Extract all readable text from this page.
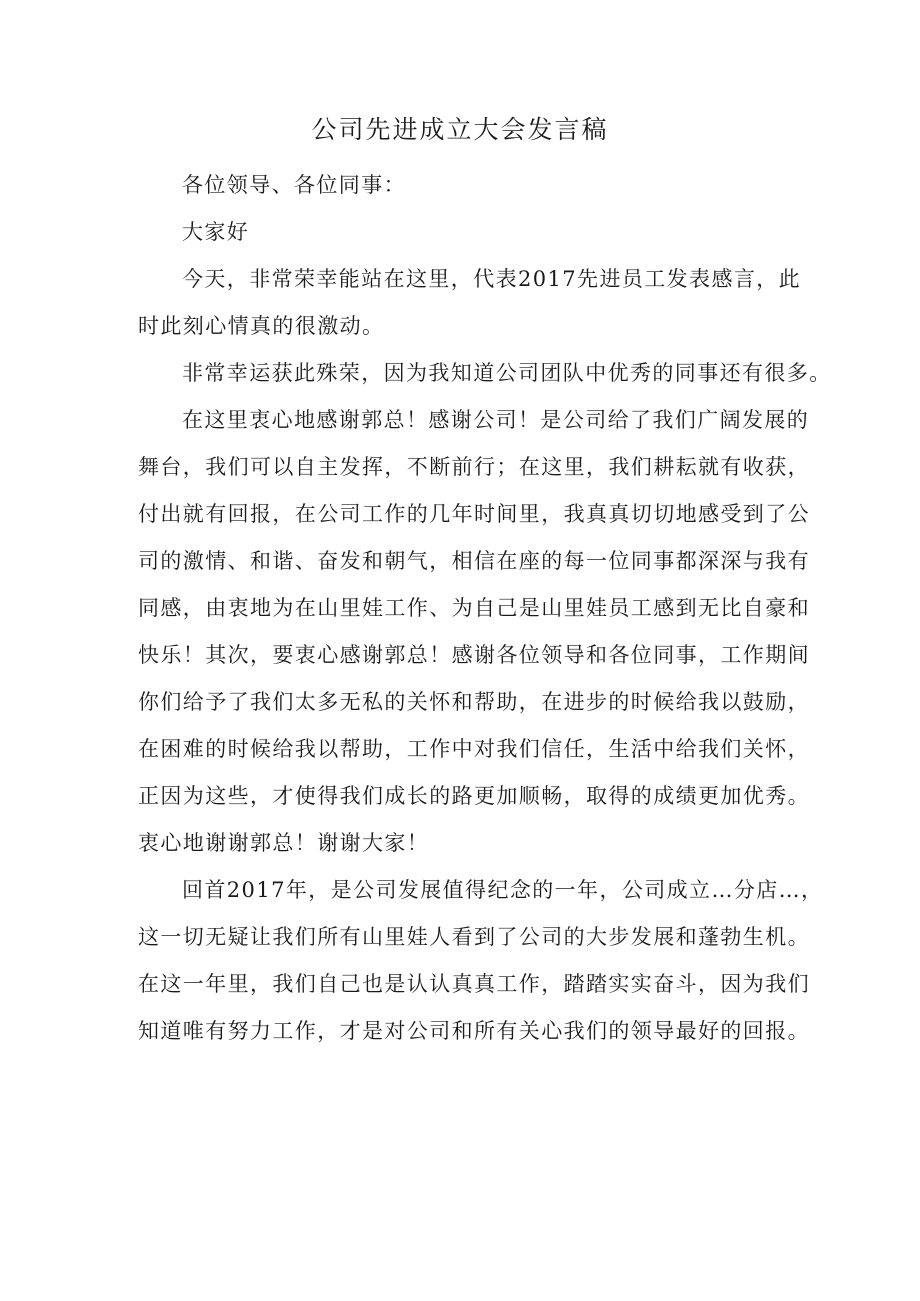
公司先进成立大会发言稿
各位领导、各位同事：
大家好
今天，非常荣幸能站在这里，代表2017先进员工发表感言，此
时此刻心情真的很激动。
非常幸运获此殊荣，因为我知道公司团队中优秀的同事还有很多。
在这里衷心地感谢郭总！感谢公司！是公司给了我们广阔发展的
舞台，我们可以自主发挥，不断前行；在这里，我们耕耘就有收获，
付出就有回报，在公司工作的几年时间里，我真真切切地感受到了公
司的激情、和谐、奋发和朝气，相信在座的每一位同事都深深与我有
同感，由衷地为在山里娃工作、为自己是山里娃员工感到无比自豪和
快乐！其次，要衷心感谢郭总！感谢各位领导和各位同事，工作期间
你们给予了我们太多无私的关怀和帮助，在进步的时候给我以鼓励，
在困难的时候给我以帮助，工作中对我们信任，生活中给我们关怀，
正因为这些，才使得我们成长的路更加顺畅，取得的成绩更加优秀。
衷心地谢谢郭总！谢谢大家！
回首2017年，是公司发展值得纪念的一年，公司成立…分店…，
这一切无疑让我们所有山里娃人看到了公司的大步发展和蓬勃生机。
在这一年里，我们自己也是认认真真工作，踏踏实实奋斗，因为我们
知道唯有努力工作，才是对公司和所有关心我们的领导最好的回报。
